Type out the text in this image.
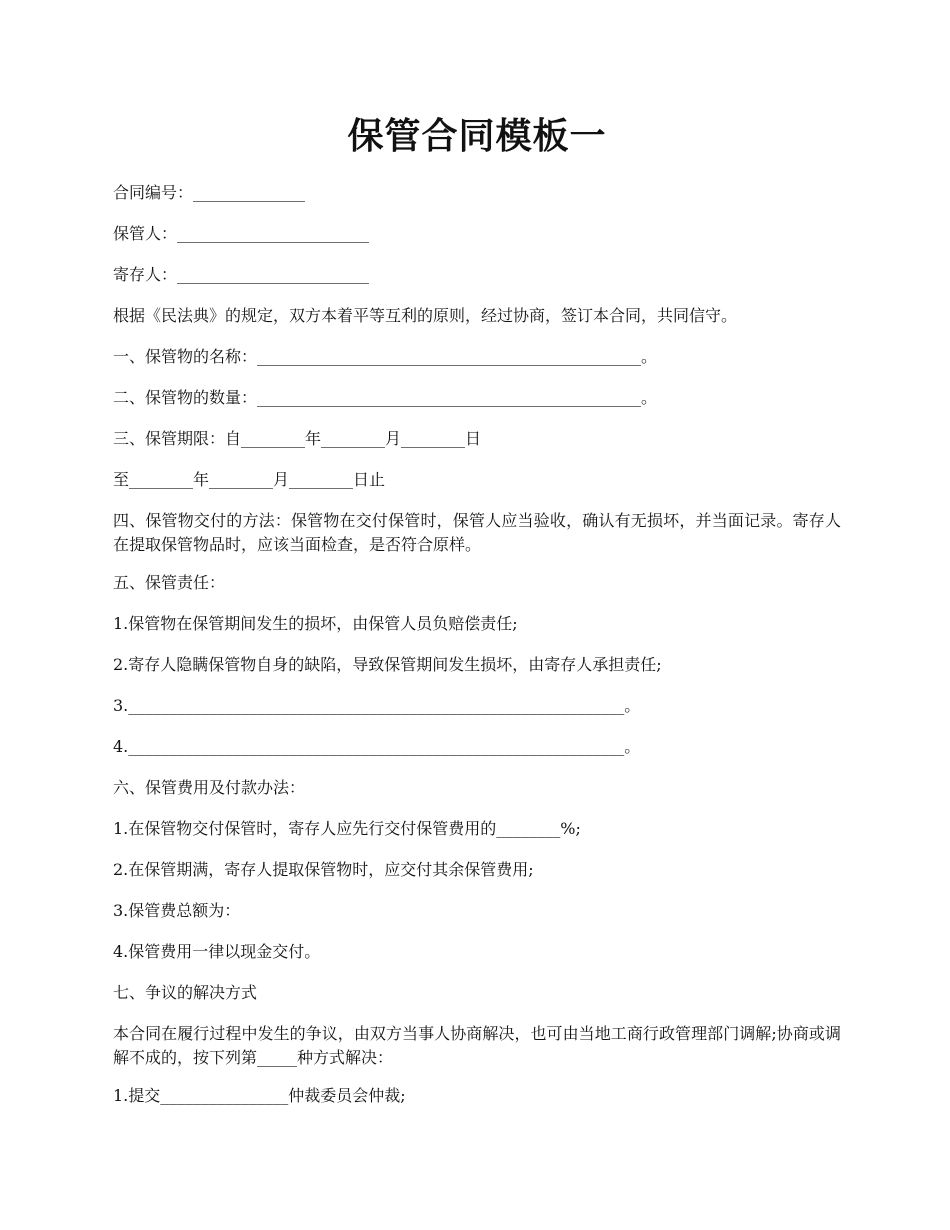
保管合同模板一
合同编号：______________
保管人：________________________
寄存人：________________________
根据《民法典》的规定，双方本着平等互利的原则，经过协商，签订本合同，共同信守。
一、保管物的名称：________________________________________________。
二、保管物的数量：________________________________________________。
三、保管期限：自________年________月________日
至________年________月________日止
四、保管物交付的方法：保管物在交付保管时，保管人应当验收，确认有无损坏，并当面记录。寄存人在提取保管物品时，应该当面检查，是否符合原样。
五、保管责任：
1.保管物在保管期间发生的损坏，由保管人员负赔偿责任;
2.寄存人隐瞒保管物自身的缺陷，导致保管期间发生损坏，由寄存人承担责任;
3.______________________________________________________________。
4.______________________________________________________________。
六、保管费用及付款办法：
1.在保管物交付保管时，寄存人应先行交付保管费用的________%;
2.在保管期满，寄存人提取保管物时，应交付其余保管费用;
3.保管费总额为：
4.保管费用一律以现金交付。
七、争议的解决方式
本合同在履行过程中发生的争议，由双方当事人协商解决，也可由当地工商行政管理部门调解;协商或调解不成的，按下列第_____种方式解决：
1.提交________________仲裁委员会仲裁;
